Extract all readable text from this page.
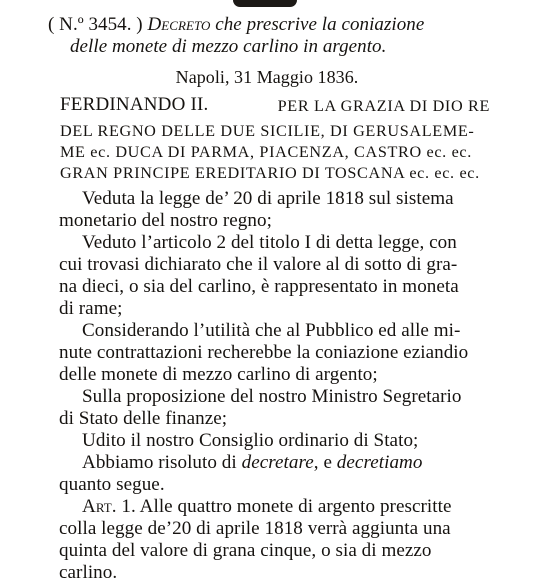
( N.º 3454. ) Decreto che prescrive la coniazione
delle monete di mezzo carlino in argento.
Napoli, 31 Maggio 1836.
FERDINANDO II.	PER LA GRAZIA DI DIO RE
DEL REGNO DELLE DUE SICILIE, DI GERUSALEME-
ME ec. DUCA DI PARMA, PIACENZA, CASTRO ec. ec.
GRAN PRINCIPE EREDITARIO DI TOSCANA ec. ec. ec.
Veduta la legge de’ 20 di aprile 1818 sul sistema
monetario del nostro regno;
Veduto l’articolo 2 del titolo I di detta legge, con
cui trovasi dichiarato che il valore al di sotto di gra-
na dieci, o sia del carlino, è rappresentato in moneta
di rame;
Considerando l’utilità che al Pubblico ed alle mi-
nute contrattazioni recherebbe la coniazione eziandio
delle monete di mezzo carlino di argento;
Sulla proposizione del nostro Ministro Segretario
di Stato delle finanze;
Udito il nostro Consiglio ordinario di Stato;
Abbiamo risoluto di decretare, e decretiamo
quanto segue.
Art. 1. Alle quattro monete di argento prescritte
colla legge de’20 di aprile 1818 verrà aggiunta una
quinta del valore di grana cinque, o sia di mezzo
carlino.
